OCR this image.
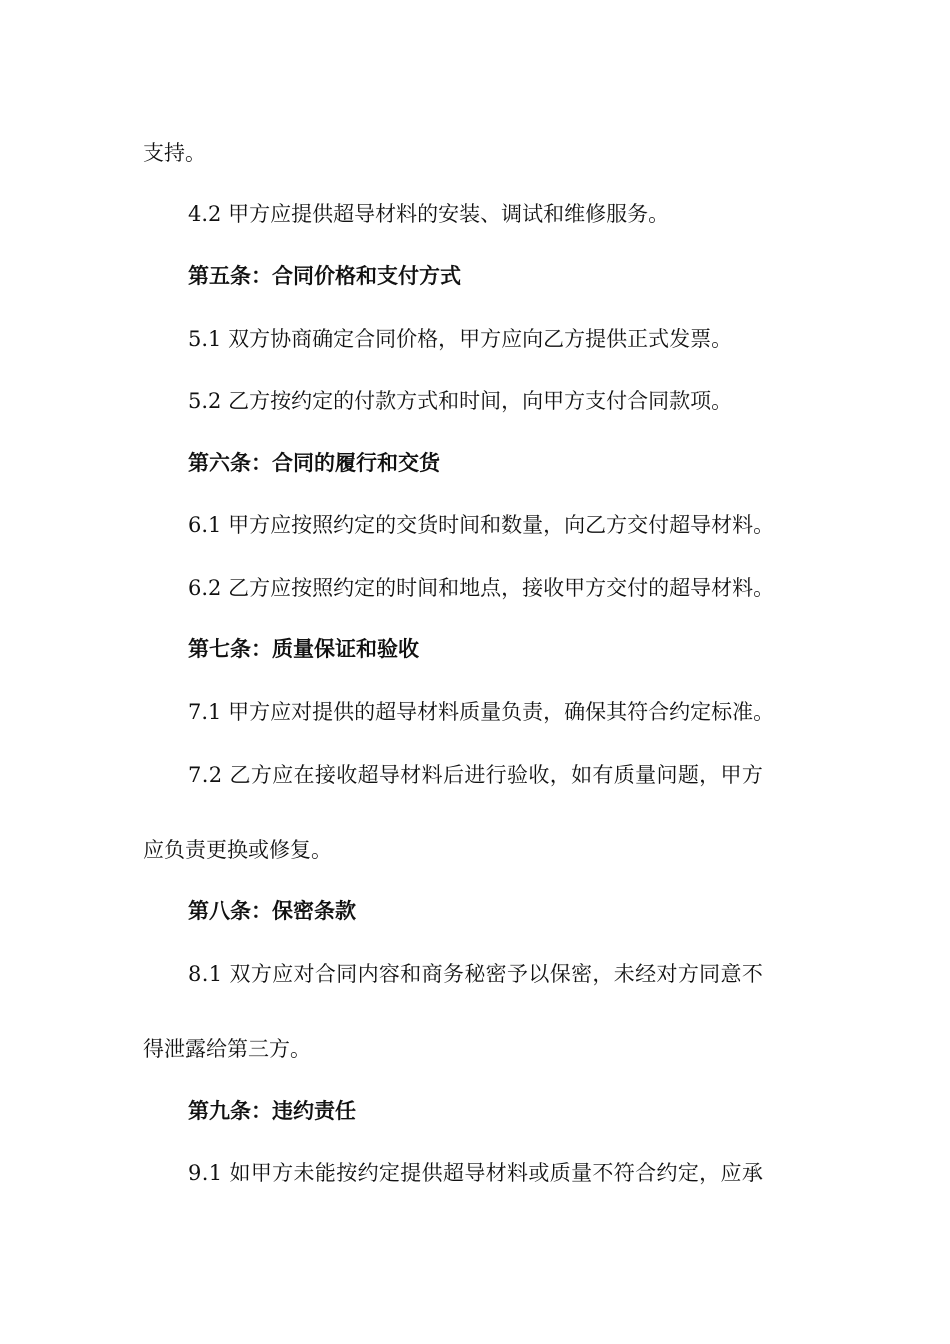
支持。
4.2 甲方应提供超导材料的安装、调试和维修服务。
第五条：合同价格和支付方式
5.1 双方协商确定合同价格，甲方应向乙方提供正式发票。
5.2 乙方按约定的付款方式和时间，向甲方支付合同款项。
第六条：合同的履行和交货
6.1 甲方应按照约定的交货时间和数量，向乙方交付超导材料。
6.2 乙方应按照约定的时间和地点，接收甲方交付的超导材料。
第七条：质量保证和验收
7.1 甲方应对提供的超导材料质量负责，确保其符合约定标准。
7.2 乙方应在接收超导材料后进行验收，如有质量问题，甲方
应负责更换或修复。
第八条：保密条款
8.1 双方应对合同内容和商务秘密予以保密，未经对方同意不
得泄露给第三方。
第九条：违约责任
9.1 如甲方未能按约定提供超导材料或质量不符合约定，应承
